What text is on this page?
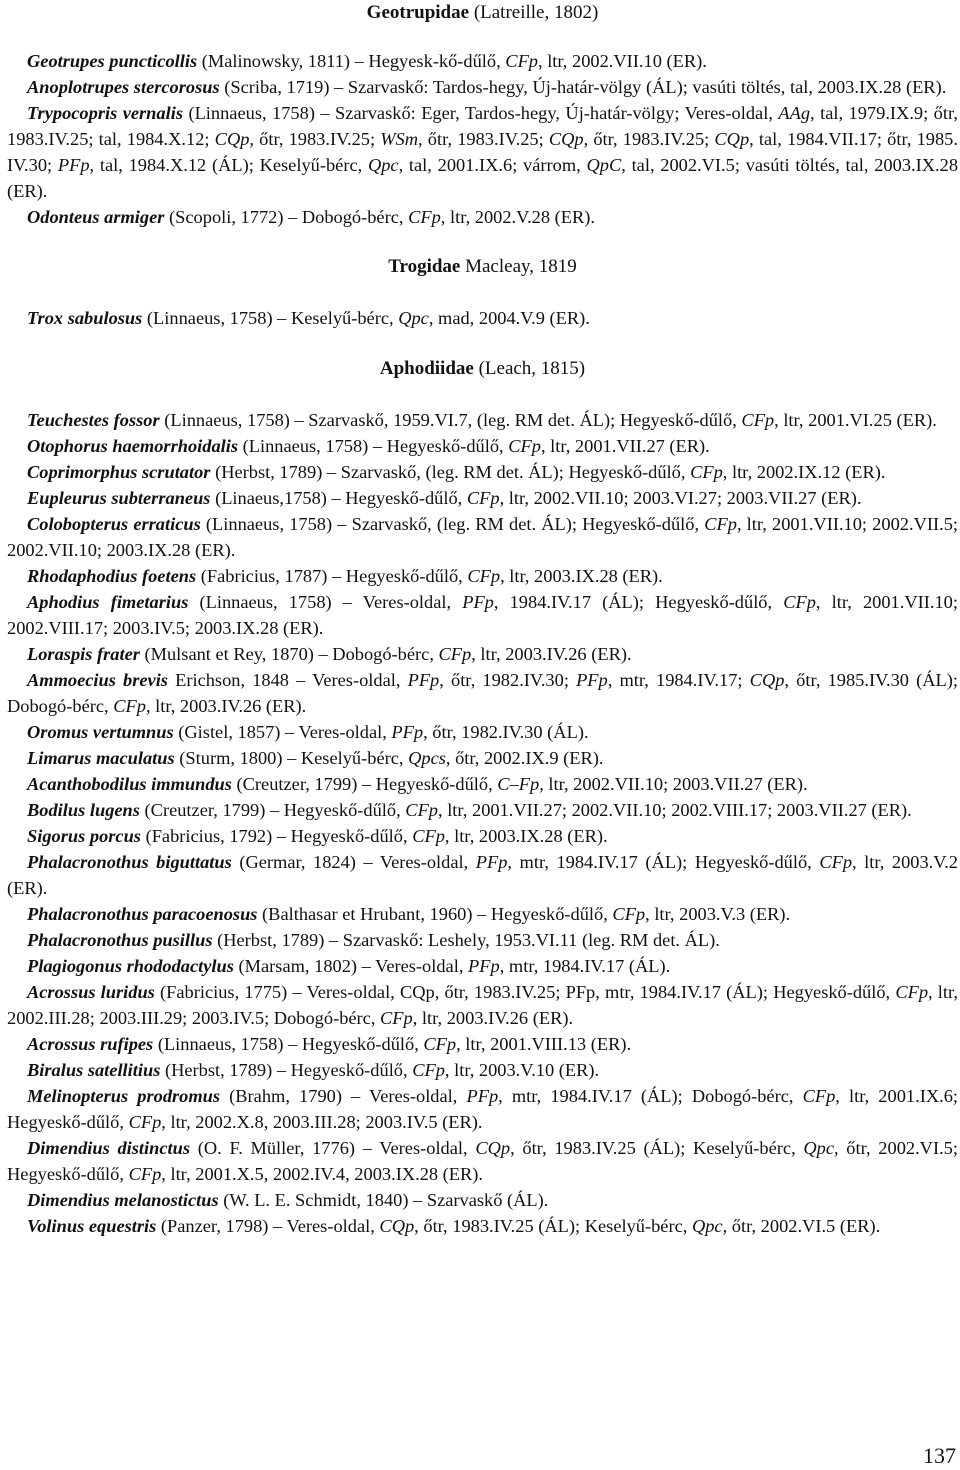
Geotrupidae (Latreille, 1802)

Geotrupes puncticollis (Malinowsky, 1811) – Hegyesk-kő-dűlő, CFp, ltr, 2002.VII.10 (ER).

Anoplotrupes stercorosus (Scriba, 1719) – Szarvaskő: Tardos-hegy, Új-határ-völgy (ÁL); vasúti töltés, tal, 2003.IX.28 (ER).

Trypocopris vernalis (Linnaeus, 1758) – Szarvaskő: Eger, Tardos-hegy, Új-határ-völgy; Veres-oldal, AAg, tal, 1979.IX.9; őtr, 1983.IV.25; tal, 1984.X.12; CQp, őtr, 1983.IV.25; WSm, őtr, 1983.IV.25; CQp, őtr, 1983.IV.25; CQp, tal, 1984.VII.17; őtr, 1985. IV.30; PFp, tal, 1984.X.12 (ÁL); Keselyű-bérc, Qpc, tal, 2001.IX.6; várrom, QpC, tal, 2002.VI.5; vasúti töltés, tal, 2003.IX.28 (ER).

Odonteus armiger (Scopoli, 1772) – Dobogó-bérc, CFp, ltr, 2002.V.28 (ER).

Trogidae Macleay, 1819

Trox sabulosus (Linnaeus, 1758) – Keselyű-bérc, Qpc, mad, 2004.V.9 (ER).

Aphodiidae (Leach, 1815)

Teuchestes fossor (Linnaeus, 1758) – Szarvaskő, 1959.VI.7, (leg. RM det. ÁL); Hegyeskő-dűlő, CFp, ltr, 2001.VI.25 (ER).

Otophorus haemorrhoidalis (Linnaeus, 1758) – Hegyeskő-dűlő, CFp, ltr, 2001.VII.27 (ER).

Coprimorphus scrutator (Herbst, 1789) – Szarvaskő, (leg. RM det. ÁL); Hegyeskő-dűlő, CFp, ltr, 2002.IX.12 (ER).

Eupleurus subterraneus (Linaeus,1758) – Hegyeskő-dűlő, CFp, ltr, 2002.VII.10; 2003.VI.27; 2003.VII.27 (ER).

Colobopterus erraticus (Linnaeus, 1758) – Szarvaskő, (leg. RM det. ÁL); Hegyeskő-dűlő, CFp, ltr, 2001.VII.10; 2002.VII.5; 2002.VII.10; 2003.IX.28 (ER).

Rhodaphodius foetens (Fabricius, 1787) – Hegyeskő-dűlő, CFp, ltr, 2003.IX.28 (ER).

Aphodius fimetarius (Linnaeus, 1758) – Veres-oldal, PFp, 1984.IV.17 (ÁL); Hegyeskő-dűlő, CFp, ltr, 2001.VII.10; 2002.VIII.17; 2003.IV.5; 2003.IX.28 (ER).

Loraspis frater (Mulsant et Rey, 1870) – Dobogó-bérc, CFp, ltr, 2003.IV.26 (ER).

Ammoecius brevis Erichson, 1848 – Veres-oldal, PFp, őtr, 1982.IV.30; PFp, mtr, 1984.IV.17; CQp, őtr, 1985.IV.30 (ÁL); Dobogó-bérc, CFp, ltr, 2003.IV.26 (ER).

Oromus vertumnus (Gistel, 1857) – Veres-oldal, PFp, őtr, 1982.IV.30 (ÁL).

Limarus maculatus (Sturm, 1800) – Keselyű-bérc, Qpcs, őtr, 2002.IX.9 (ER).

Acanthobodilus immundus (Creutzer, 1799) – Hegyeskő-dűlő, C–Fp, ltr, 2002.VII.10; 2003.VII.27 (ER).

Bodilus lugens (Creutzer, 1799) – Hegyeskő-dűlő, CFp, ltr, 2001.VII.27; 2002.VII.10; 2002.VIII.17; 2003.VII.27 (ER).

Sigorus porcus (Fabricius, 1792) – Hegyeskő-dűlő, CFp, ltr, 2003.IX.28 (ER).

Phalacronothus biguttatus (Germar, 1824) – Veres-oldal, PFp, mtr, 1984.IV.17 (ÁL); Hegyeskő-dűlő, CFp, ltr, 2003.V.2 (ER).

Phalacronothus paracoenosus (Balthasar et Hrubant, 1960) – Hegyeskő-dűlő, CFp, ltr, 2003.V.3 (ER).

Phalacronothus pusillus (Herbst, 1789) – Szarvaskő: Leshely, 1953.VI.11 (leg. RM det. ÁL).

Plagiogonus rhododactylus (Marsam, 1802) – Veres-oldal, PFp, mtr, 1984.IV.17 (ÁL).

Acrossus luridus (Fabricius, 1775) – Veres-oldal, CQp, őtr, 1983.IV.25; PFp, mtr, 1984.IV.17 (ÁL); Hegyeskő-dűlő, CFp, ltr, 2002.III.28; 2003.III.29; 2003.IV.5; Dobogó-bérc, CFp, ltr, 2003.IV.26 (ER).

Acrossus rufipes (Linnaeus, 1758) – Hegyeskő-dűlő, CFp, ltr, 2001.VIII.13 (ER).

Biralus satellitius (Herbst, 1789) – Hegyeskő-dűlő, CFp, ltr, 2003.V.10 (ER).

Melinopterus prodromus (Brahm, 1790) – Veres-oldal, PFp, mtr, 1984.IV.17 (ÁL); Dobogó-bérc, CFp, ltr, 2001.IX.6; Hegyeskő-dűlő, CFp, ltr, 2002.X.8, 2003.III.28; 2003.IV.5 (ER).

Dimendius distinctus (O. F. Müller, 1776) – Veres-oldal, CQp, őtr, 1983.IV.25 (ÁL); Keselyű-bérc, Qpc, őtr, 2002.VI.5; Hegyeskő-dűlő, CFp, ltr, 2001.X.5, 2002.IV.4, 2003.IX.28 (ER).

Dimendius melanostictus (W. L. E. Schmidt, 1840) – Szarvaskő (ÁL).

Volinus equestris (Panzer, 1798) – Veres-oldal, CQp, őtr, 1983.IV.25 (ÁL); Keselyű-bérc, Qpc, őtr, 2002.VI.5 (ER).

137
